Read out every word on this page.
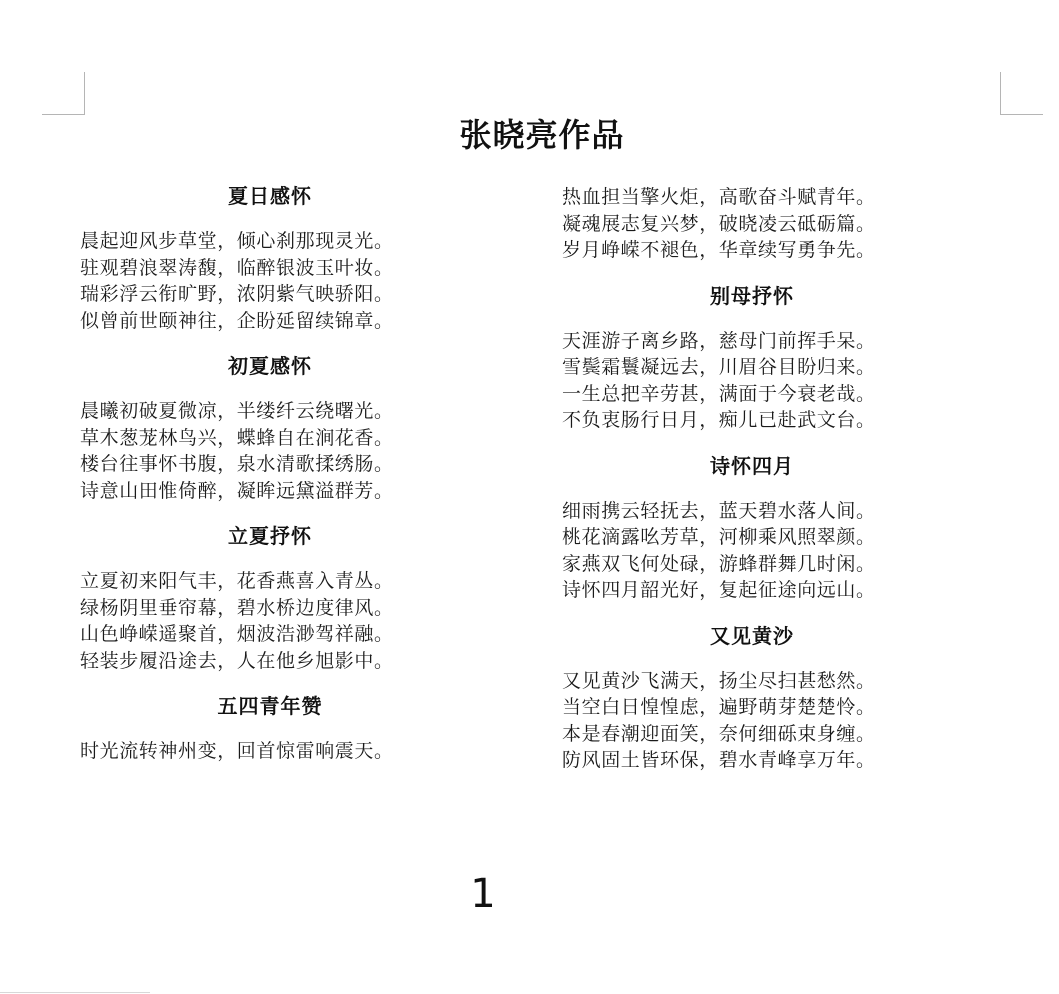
张晓亮作品
夏日感怀
晨起迎风步草堂，倾心刹那现灵光。
驻观碧浪翠涛馥，临醉银波玉叶妆。
瑞彩浮云衔旷野，浓阴紫气映骄阳。
似曾前世颐神往，企盼延留续锦章。
初夏感怀
晨曦初破夏微凉，半缕纤云绕曙光。
草木葱茏林鸟兴，蝶蜂自在涧花香。
楼台往事怀书腹，泉水清歌揉绣肠。
诗意山田惟倚醉，凝眸远黛溢群芳。
立夏抒怀
立夏初来阳气丰，花香燕喜入青丛。
绿杨阴里垂帘幕，碧水桥边度律风。
山色峥嵘遥聚首，烟波浩渺驾祥融。
轻装步履沿途去，人在他乡旭影中。
五四青年赞
时光流转神州变，回首惊雷响震天。
热血担当擎火炬，高歌奋斗赋青年。
凝魂展志复兴梦，破晓凌云砥砺篇。
岁月峥嵘不褪色，华章续写勇争先。
别母抒怀
天涯游子离乡路，慈母门前挥手呆。
雪鬓霜鬟凝远去，川眉谷目盼归来。
一生总把辛劳甚，满面于今衰老哉。
不负衷肠行日月，痴儿已赴武文台。
诗怀四月
细雨携云轻抚去，蓝天碧水落人间。
桃花滴露吆芳草，河柳乘风照翠颜。
家燕双飞何处碌，游蜂群舞几时闲。
诗怀四月韶光好，复起征途向远山。
又见黄沙
又见黄沙飞满天，扬尘尽扫甚愁然。
当空白日惶惶虑，遍野萌芽楚楚怜。
本是春潮迎面笑，奈何细砾束身缠。
防风固土皆环保，碧水青峰享万年。
1
